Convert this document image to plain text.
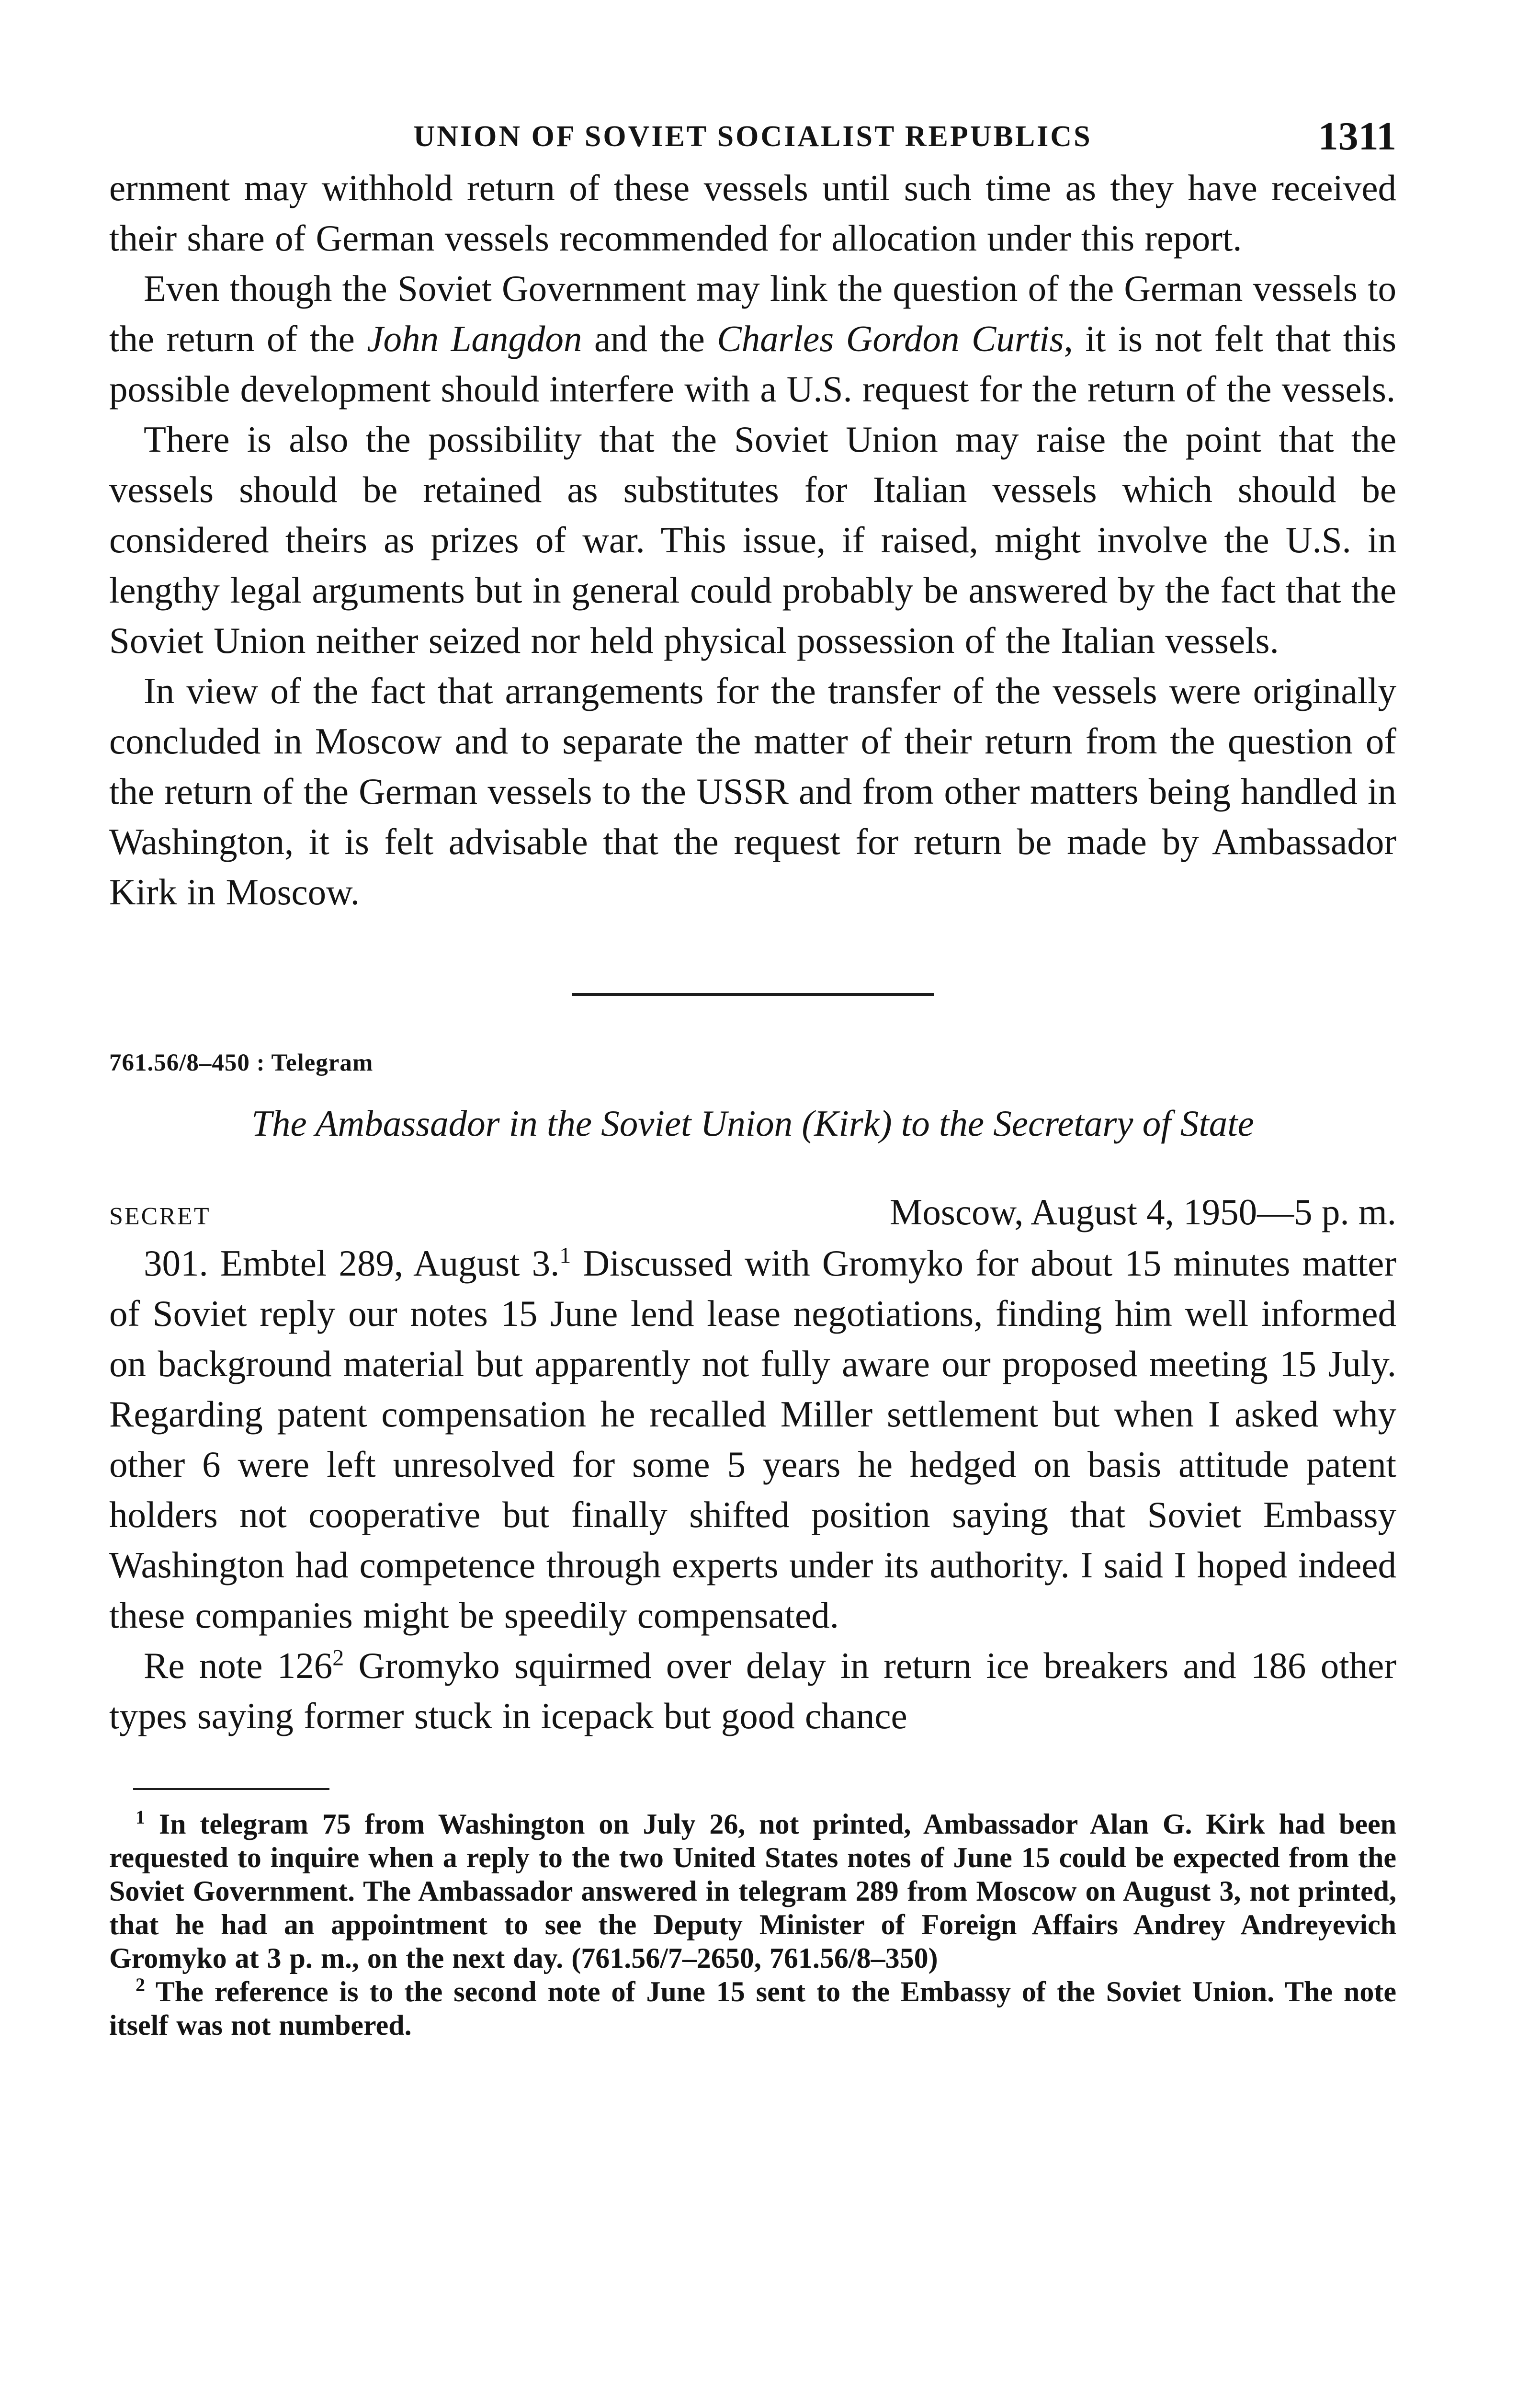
UNION OF SOVIET SOCIALIST REPUBLICS	1311

ernment may withhold return of these vessels until such time as they have received their share of German vessels recommended for allocation under this report.

Even though the Soviet Government may link the question of the German vessels to the return of the John Langdon and the Charles Gordon Curtis, it is not felt that this possible development should interfere with a U.S. request for the return of the vessels.

There is also the possibility that the Soviet Union may raise the point that the vessels should be retained as substitutes for Italian vessels which should be considered theirs as prizes of war. This issue, if raised, might involve the U.S. in lengthy legal arguments but in general could probably be answered by the fact that the Soviet Union neither seized nor held physical possession of the Italian vessels.

In view of the fact that arrangements for the transfer of the vessels were originally concluded in Moscow and to separate the matter of their return from the question of the return of the German vessels to the USSR and from other matters being handled in Washington, it is felt advisable that the request for return be made by Ambassador Kirk in Moscow.

761.56/8–450 : Telegram
The Ambassador in the Soviet Union (Kirk) to the Secretary of State
SECRET	Moscow, August 4, 1950—5 p. m.

301. Embtel 289, August 3.$^1$ Discussed with Gromyko for about 15 minutes matter of Soviet reply our notes 15 June lend lease negotiations, finding him well informed on background material but apparently not fully aware our proposed meeting 15 July. Regarding patent compensation he recalled Miller settlement but when I asked why other 6 were left unresolved for some 5 years he hedged on basis attitude patent holders not cooperative but finally shifted position saying that Soviet Embassy Washington had competence through experts under its authority. I said I hoped indeed these companies might be speedily compensated.

Re note $126^2$ Gromyko squirmed over delay in return ice breakers and 186 other types saying former stuck in icepack but good chance

$^1$ In telegram 75 from Washington on July 26, not printed, Ambassador Alan G. Kirk had been requested to inquire when a reply to the two United States notes of June 15 could be expected from the Soviet Government. The Ambassador answered in telegram 289 from Moscow on August 3, not printed, that he had an appointment to see the Deputy Minister of Foreign Affairs Andrey Andreyevich Gromyko at 3 p. m., on the next day. (761.56/7–2650, 761.56/8–350)

$^2$ The reference is to the second note of June 15 sent to the Embassy of the Soviet Union. The note itself was not numbered.
